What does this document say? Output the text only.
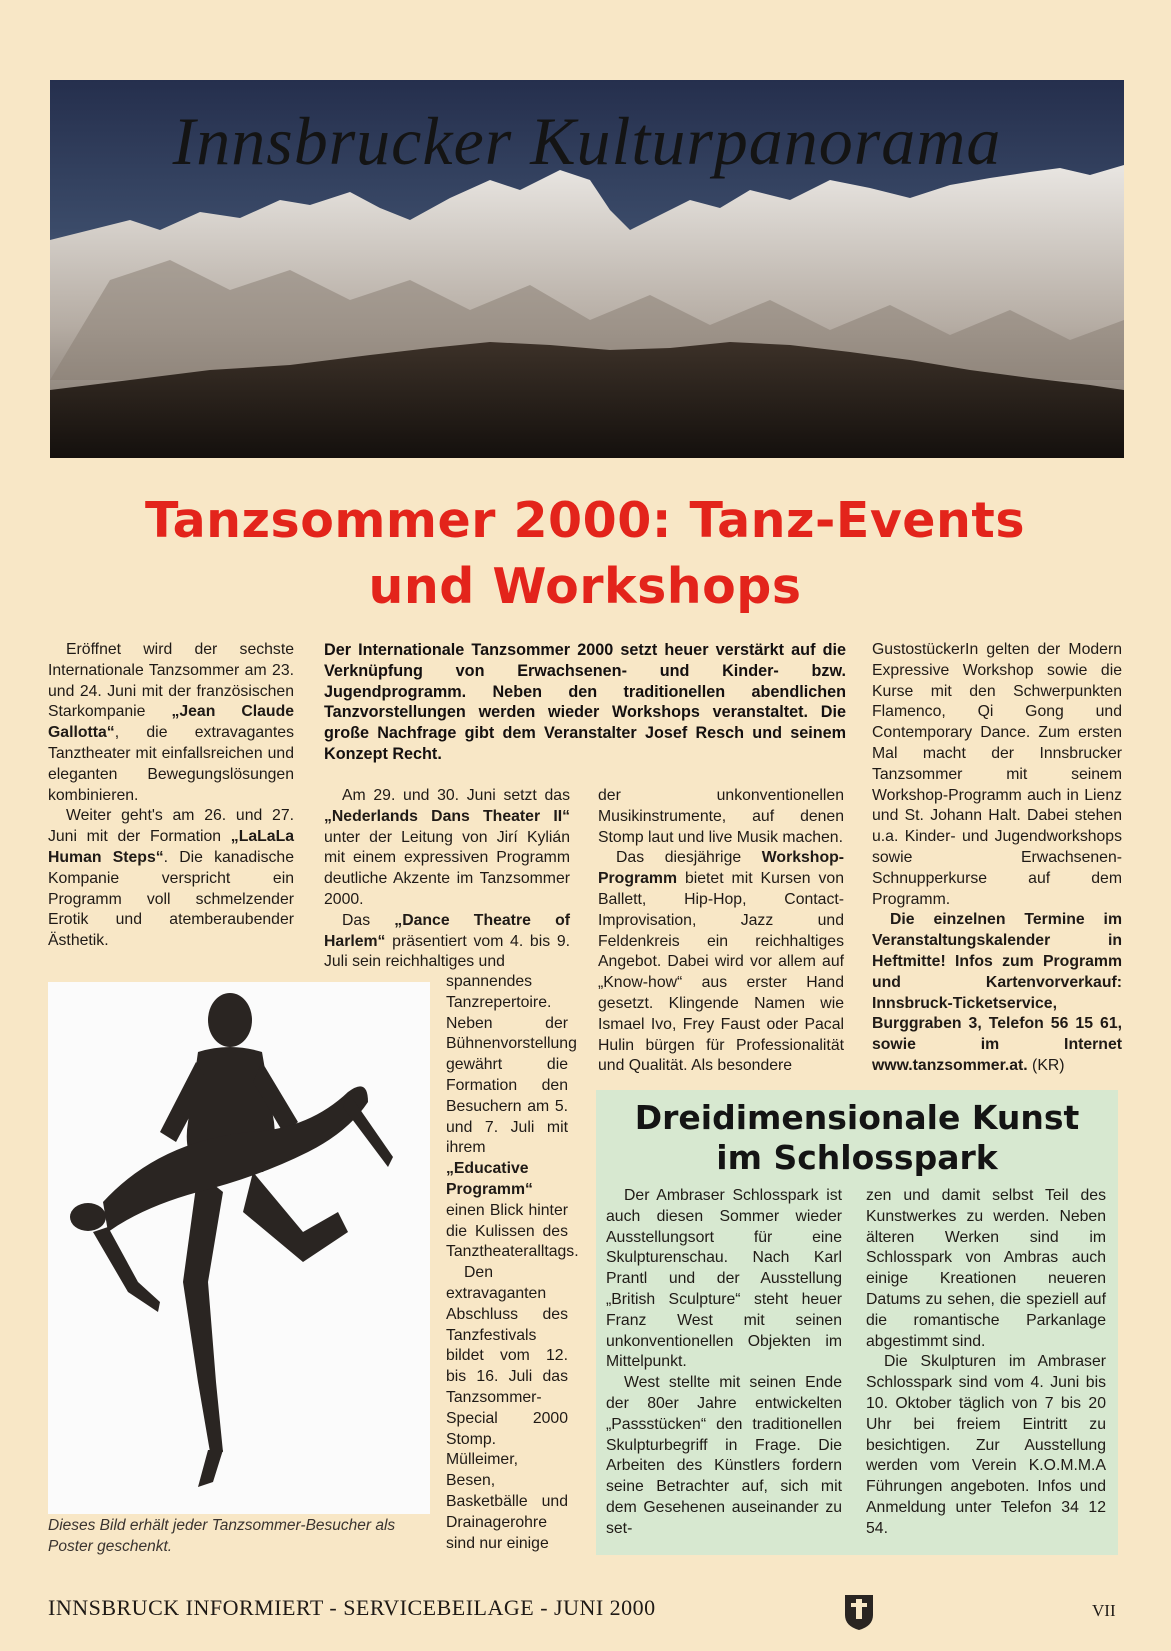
Innsbrucker Kulturpanorama
Tanzsommer 2000: Tanz-Events
und Workshops

Eröffnet wird der sechste Internationale Tanzsommer am 23. und 24. Juni mit der französischen Starkompanie „Jean Claude Gallotta“, die extravagantes Tanztheater mit einfallsreichen und eleganten Bewegungslösungen kombinieren.

Weiter geht's am 26. und 27. Juni mit der Formation „LaLaLa Human Steps“. Die kanadische Kompanie verspricht ein Programm voll schmelzender Erotik und atemberaubender Ästhetik.

Der Internationale Tanzsommer 2000 setzt heuer verstärkt auf die Verknüpfung von Erwachsenen- und Kinder- bzw. Jugendprogramm. Neben den traditionellen abendlichen Tanzvorstellungen werden wieder Workshops veranstaltet. Die große Nachfrage gibt dem Veranstalter Josef Resch und seinem Konzept Recht.

Am 29. und 30. Juni setzt das „Nederlands Dans Theater II“ unter der Leitung von Jirí Kylián mit einem expressiven Programm deutliche Akzente im Tanzsommer 2000.

Das „Dance Theatre of Harlem“ präsentiert vom 4. bis 9. Juli sein reichhaltiges und

spannendes Tanzrepertoire. Neben der Bühnenvorstellung gewährt die Formation den Besuchern am 5. und 7. Juli mit ihrem „Educative Programm“ einen Blick hinter die Kulissen des Tanztheateralltags.

Den extravaganten Abschluss des Tanzfestivals bildet vom 12. bis 16. Juli das Tanzsommer-Special 2000 Stomp. Mülleimer, Besen, Basketbälle und Drainagerohre sind nur einige

der unkonventionellen Musikinstrumente, auf denen Stomp laut und live Musik machen.

Das diesjährige Workshop-Programm bietet mit Kursen von Ballett, Hip-Hop, Contact-Improvisation, Jazz und Feldenkreis ein reichhaltiges Angebot. Dabei wird vor allem auf „Know-how“ aus erster Hand gesetzt. Klingende Namen wie Ismael Ivo, Frey Faust oder Pacal Hulin bürgen für Professionalität und Qualität. Als besondere

GustostückerIn gelten der Modern Expressive Workshop sowie die Kurse mit den Schwerpunkten Flamenco, Qi Gong und Contemporary Dance. Zum ersten Mal macht der Innsbrucker Tanzsommer mit seinem Workshop-Programm auch in Lienz und St. Johann Halt. Dabei stehen u.a. Kinder- und Jugendworkshops sowie Erwachsenen-Schnupperkurse auf dem Programm.

Die einzelnen Termine im Veranstaltungskalender in Heftmitte! Infos zum Programm und Kartenvorverkauf: Innsbruck-Ticketservice, Burggraben 3, Telefon 56 15 61, sowie im Internet www.tanzsommer.at. (KR)

Dieses Bild erhält jeder Tanzsommer-Besucher als Poster geschenkt.
Dreidimensionale Kunst
im Schlosspark

Der Ambraser Schlosspark ist auch diesen Sommer wieder Ausstellungsort für eine Skulpturenschau. Nach Karl Prantl und der Ausstellung „British Sculpture“ steht heuer Franz West mit seinen unkonventionellen Objekten im Mittelpunkt.

West stellte mit seinen Ende der 80er Jahre entwickelten „Passstücken“ den traditionellen Skulpturbegriff in Frage. Die Arbeiten des Künstlers fordern seine Betrachter auf, sich mit dem Gesehenen auseinander zu set-

zen und damit selbst Teil des Kunstwerkes zu werden. Neben älteren Werken sind im Schlosspark von Ambras auch einige Kreationen neueren Datums zu sehen, die speziell auf die romantische Parkanlage abgestimmt sind.

Die Skulpturen im Ambraser Schlosspark sind vom 4. Juni bis 10. Oktober täglich von 7 bis 20 Uhr bei freiem Eintritt zu besichtigen. Zur Ausstellung werden vom Verein K.O.M.M.A Führungen angeboten. Infos und Anmeldung unter Telefon 34 12 54.

INNSBRUCK INFORMIERT - SERVICEBEILAGE - JUNI 2000	VII
